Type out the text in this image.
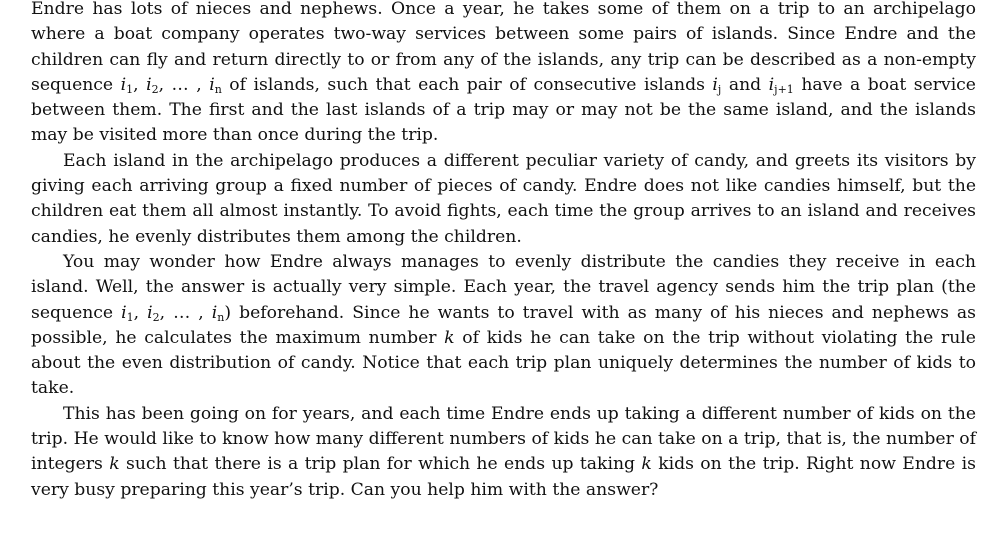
Endre has lots of nieces and nephews. Once a year, he takes some of them on a trip to an archipelago where a boat company operates two-way services between some pairs of islands. Since Endre and the children can fly and return directly to or from any of the islands, any trip can be described as a non-empty sequence $i_1$, $i_2$, … , $i_n$ of islands, such that each pair of consecutive islands $i_j$ and $i_{j+1}$ have a boat service between them. The first and the last islands of a trip may or may not be the same island, and the islands may be visited more than once during the trip.

Each island in the archipelago produces a different peculiar variety of candy, and greets its visitors by giving each arriving group a fixed number of pieces of candy. Endre does not like candies himself, but the children eat them all almost instantly. To avoid fights, each time the group arrives to an island and receives candies, he evenly distributes them among the children.

You may wonder how Endre always manages to evenly distribute the candies they receive in each island. Well, the answer is actually very simple. Each year, the travel agency sends him the trip plan (the sequence $i_1$, $i_2$, … , $i_n$) beforehand. Since he wants to travel with as many of his nieces and nephews as possible, he calculates the maximum number k of kids he can take on the trip without violating the rule about the even distribution of candy. Notice that each trip plan uniquely determines the number of kids to take.

This has been going on for years, and each time Endre ends up taking a different number of kids on the trip. He would like to know how many different numbers of kids he can take on a trip, that is, the number of integers k such that there is a trip plan for which he ends up taking k kids on the trip. Right now Endre is very busy preparing this year’s trip. Can you help him with the answer?
